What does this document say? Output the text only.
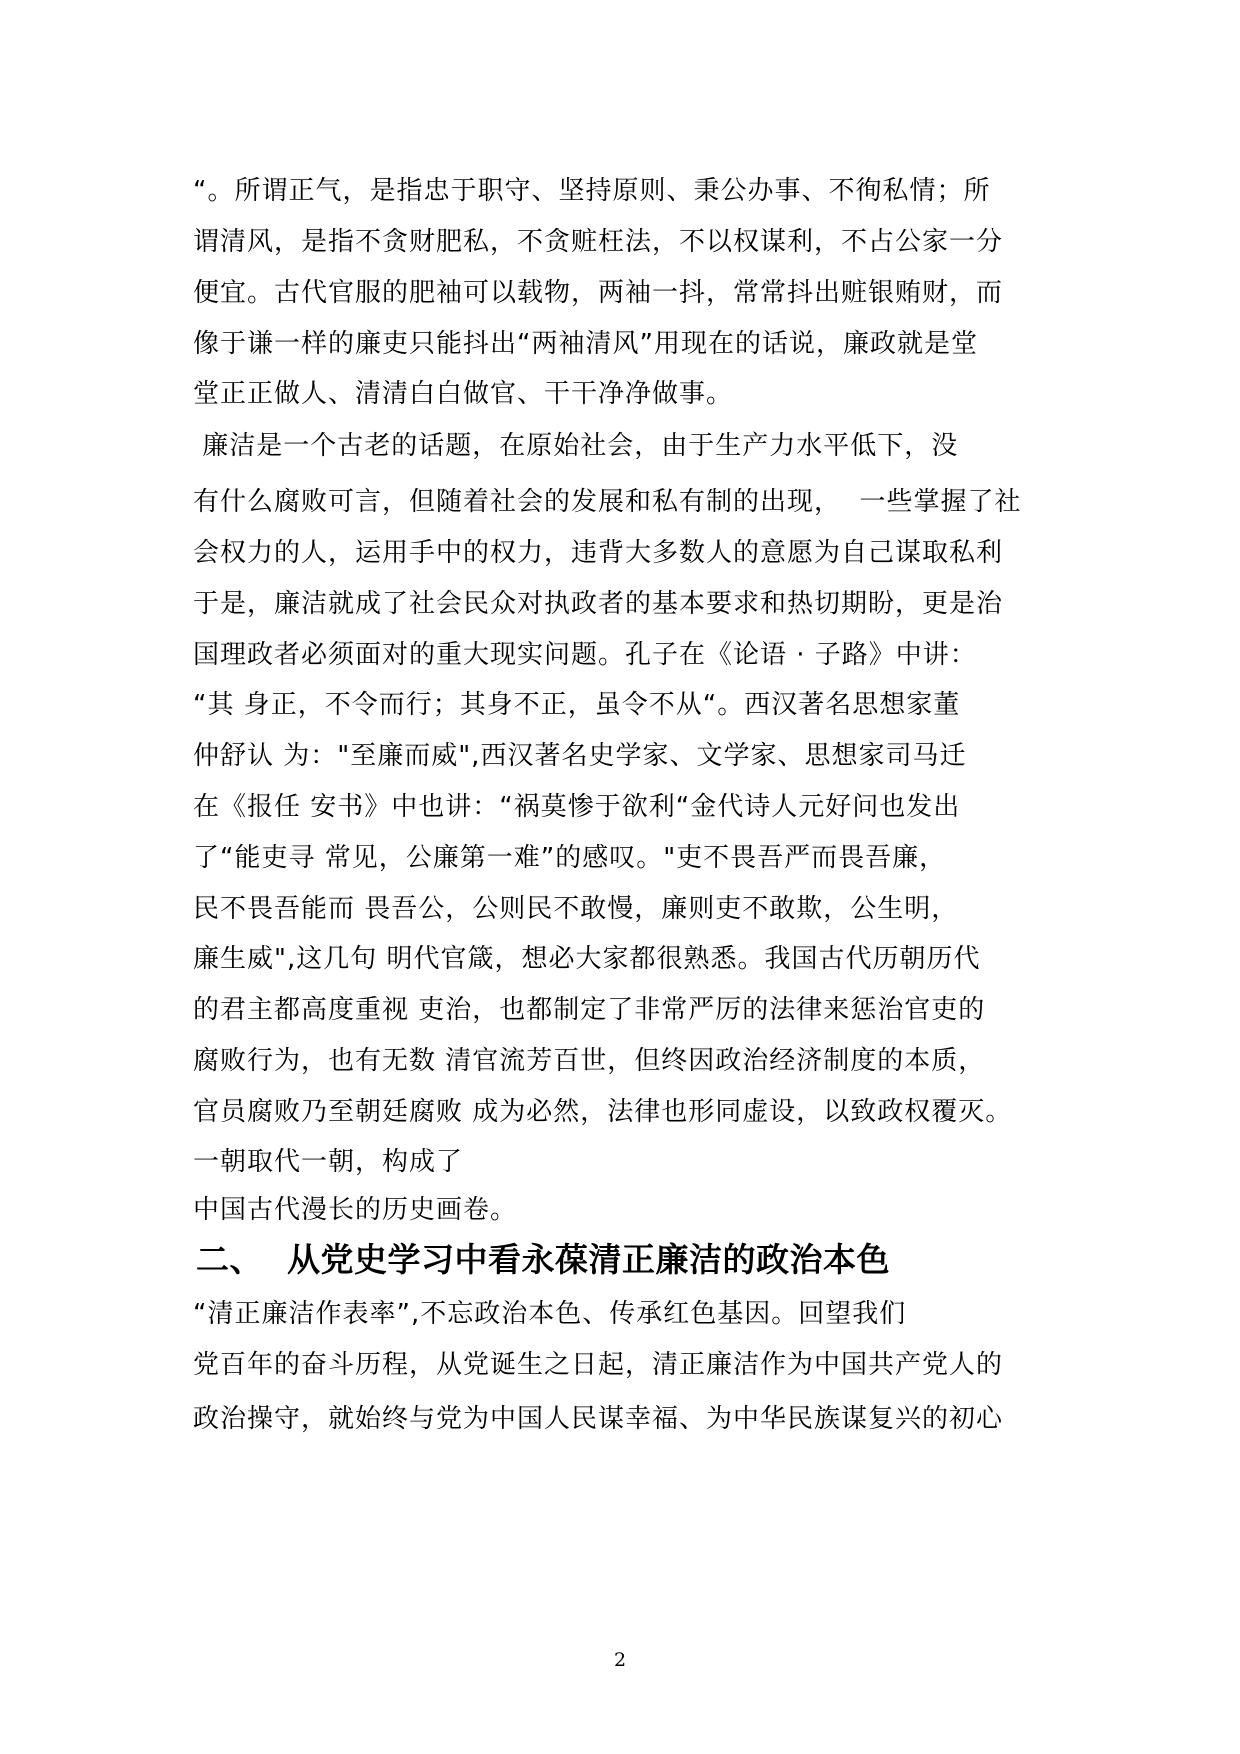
“。所谓正气，是指忠于职守、坚持原则、秉公办事、不徇私情；所
谓清风，是指不贪财肥私，不贪赃枉法，不以权谋利，不占公家一分
便宜。古代官服的肥袖可以载物，两袖一抖，常常抖出赃银贿财，而
像于谦一样的廉吏只能抖出“两袖清风”用现在的话说，廉政就是堂
堂正正做人、清清白白做官、干干净净做事。
廉洁是一个古老的话题，在原始社会，由于生产力水平低下，没
有什么腐败可言，但随着社会的发展和私有制的出现，  一些掌握了社
会权力的人，运用手中的权力，违背大多数人的意愿为自己谋取私利
于是，廉洁就成了社会民众对执政者的基本要求和热切期盼，更是治
国理政者必须面对的重大现实问题。孔子在《论语 · 子路》中讲：
“其 身正，不令而行；其身不正，虽令不从“。西汉著名思想家董
仲舒认 为："至廉而威",西汉著名史学家、文学家、思想家司马迁
在《报任 安书》中也讲：“祸莫惨于欲利“金代诗人元好问也发出
了“能吏寻 常见，公廉第一难”的感叹。"吏不畏吾严而畏吾廉，
民不畏吾能而 畏吾公，公则民不敢慢，廉则吏不敢欺，公生明，
廉生威",这几句 明代官箴，想必大家都很熟悉。我国古代历朝历代
的君主都高度重视 吏治，也都制定了非常严厉的法律来惩治官吏的
腐败行为，也有无数 清官流芳百世，但终因政治经济制度的本质，
官员腐败乃至朝廷腐败 成为必然，法律也形同虚设，以致政权覆灭。
一朝取代一朝，构成了
中国古代漫长的历史画卷。
二、  从党史学习中看永葆清正廉洁的政治本色
“清正廉洁作表率”,不忘政治本色、传承红色基因。回望我们
党百年的奋斗历程，从党诞生之日起，清正廉洁作为中国共产党人的
政治操守，就始终与党为中国人民谋幸福、为中华民族谋复兴的初心
2
